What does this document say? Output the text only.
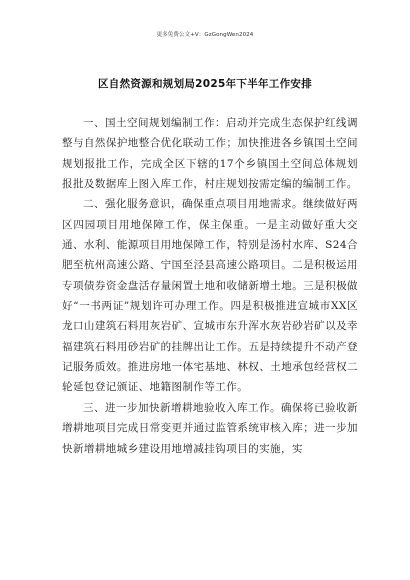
更多免费公文+V：GzGongWen2024
区自然资源和规划局2025年下半年工作安排

一、国土空间规划编制工作：启动并完成生态保护红线调整与自然保护地整合优化联动工作；加快推进各乡镇国土空间规划报批工作，完成全区下辖的17个乡镇国土空间总体规划报批及数据库上图入库工作，村庄规划按需定编的编制工作。

二、强化服务意识，确保重点项目用地需求。继续做好两区四园项目用地保障工作，保主保重。一是主动做好重大交通、水利、能源项目用地保障工作，特别是汤村水库、S24合肥至杭州高速公路、宁国至泾县高速公路项目。二是积极运用专项债券资金盘活存量闲置土地和收储新增土地。三是积极做好“一书两证”规划许可办理工作。四是积极推进宣城市XX区龙口山建筑石料用灰岩矿、宣城市东升浑水灰岩砂岩矿以及幸福建筑石料用砂岩矿的挂牌出让工作。五是持续提升不动产登记服务质效。推进房地一体宅基地、林权、土地承包经营权二轮延包登记颁证、地籍图制作等工作。

三、进一步加快新增耕地验收入库工作。确保将已验收新增耕地项目完成日常变更并通过监管系统审核入库；进一步加快新增耕地城乡建设用地增减挂钩项目的实施，实
